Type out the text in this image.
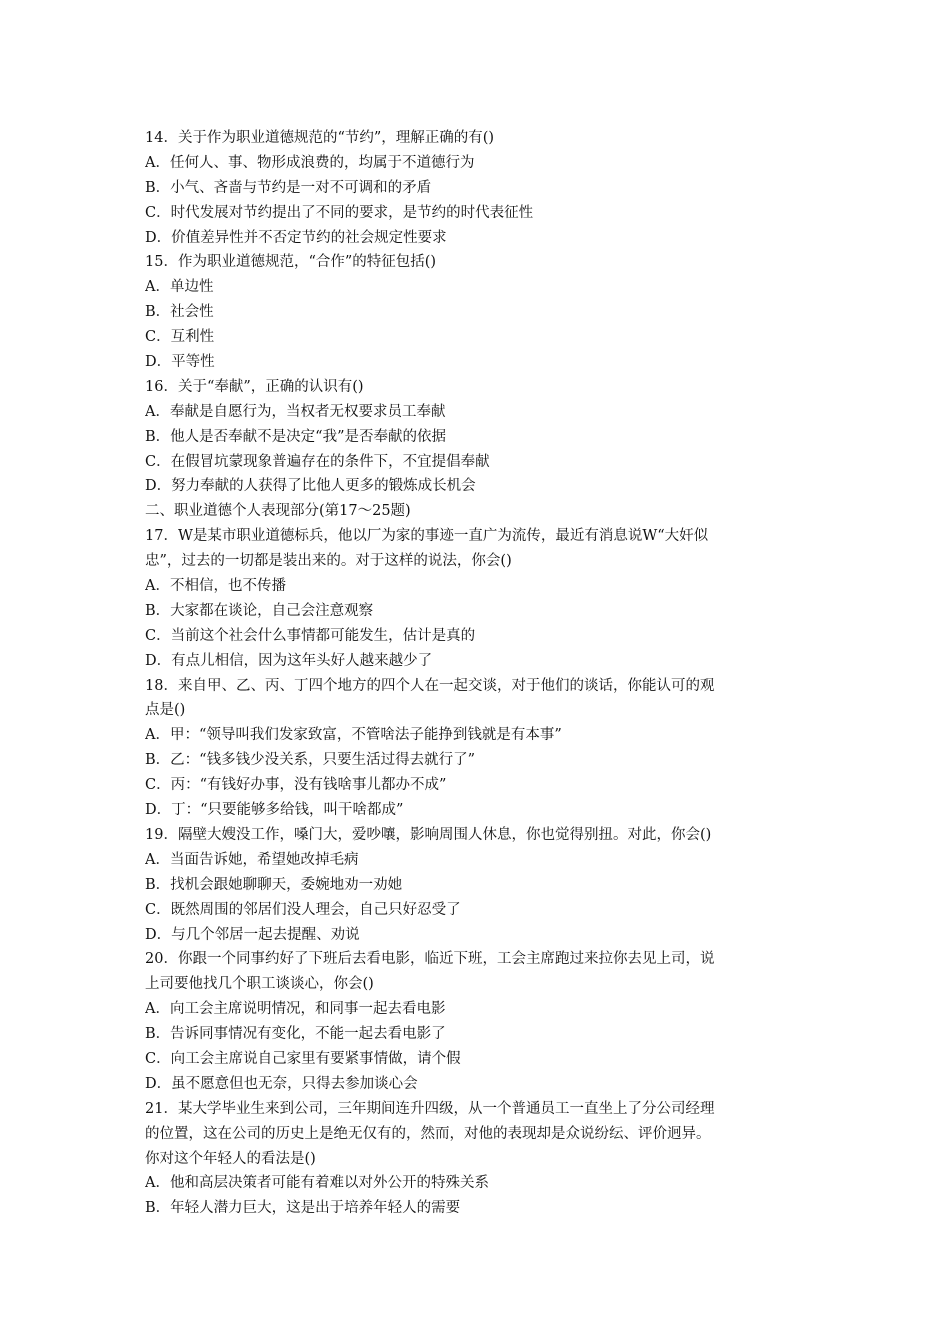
14．关于作为职业道德规范的“节约”，理解正确的有()
A．任何人、事、物形成浪费的，均属于不道德行为
B．小气、吝啬与节约是一对不可调和的矛盾
C．时代发展对节约提出了不同的要求，是节约的时代表征性
D．价值差异性并不否定节约的社会规定性要求
15．作为职业道德规范，“合作”的特征包括()
A．单边性
B．社会性
C．互利性
D．平等性
16．关于“奉献”，正确的认识有()
A．奉献是自愿行为，当权者无权要求员工奉献
B．他人是否奉献不是决定“我”是否奉献的依据
C．在假冒坑蒙现象普遍存在的条件下，不宜提倡奉献
D．努力奉献的人获得了比他人更多的锻炼成长机会
二、职业道德个人表现部分(第17～25题)
17．W是某市职业道德标兵，他以厂为家的事迹一直广为流传，最近有消息说W“大奸似
忠”，过去的一切都是装出来的。对于这样的说法，你会()
A．不相信，也不传播
B．大家都在谈论，自己会注意观察
C．当前这个社会什么事情都可能发生，估计是真的
D．有点儿相信，因为这年头好人越来越少了
18．来自甲、乙、丙、丁四个地方的四个人在一起交谈，对于他们的谈话，你能认可的观
点是()
A．甲：“领导叫我们发家致富，不管啥法子能挣到钱就是有本事”
B．乙：“钱多钱少没关系，只要生活过得去就行了”
C．丙：“有钱好办事，没有钱啥事儿都办不成”
D．丁：“只要能够多给钱，叫干啥都成”
19．隔壁大嫂没工作，嗓门大，爱吵嚷，影响周围人休息，你也觉得别扭。对此，你会()
A．当面告诉她，希望她改掉毛病
B．找机会跟她聊聊天，委婉地劝一劝她
C．既然周围的邻居们没人理会，自己只好忍受了
D．与几个邻居一起去提醒、劝说
20．你跟一个同事约好了下班后去看电影，临近下班，工会主席跑过来拉你去见上司，说
上司要他找几个职工谈谈心，你会()
A．向工会主席说明情况，和同事一起去看电影
B．告诉同事情况有变化，不能一起去看电影了
C．向工会主席说自己家里有要紧事情做，请个假
D．虽不愿意但也无奈，只得去参加谈心会
21．某大学毕业生来到公司，三年期间连升四级，从一个普通员工一直坐上了分公司经理
的位置，这在公司的历史上是绝无仅有的，然而，对他的表现却是众说纷纭、评价迥异。
你对这个年轻人的看法是()
A．他和高层决策者可能有着难以对外公开的特殊关系
B．年轻人潜力巨大，这是出于培养年轻人的需要
